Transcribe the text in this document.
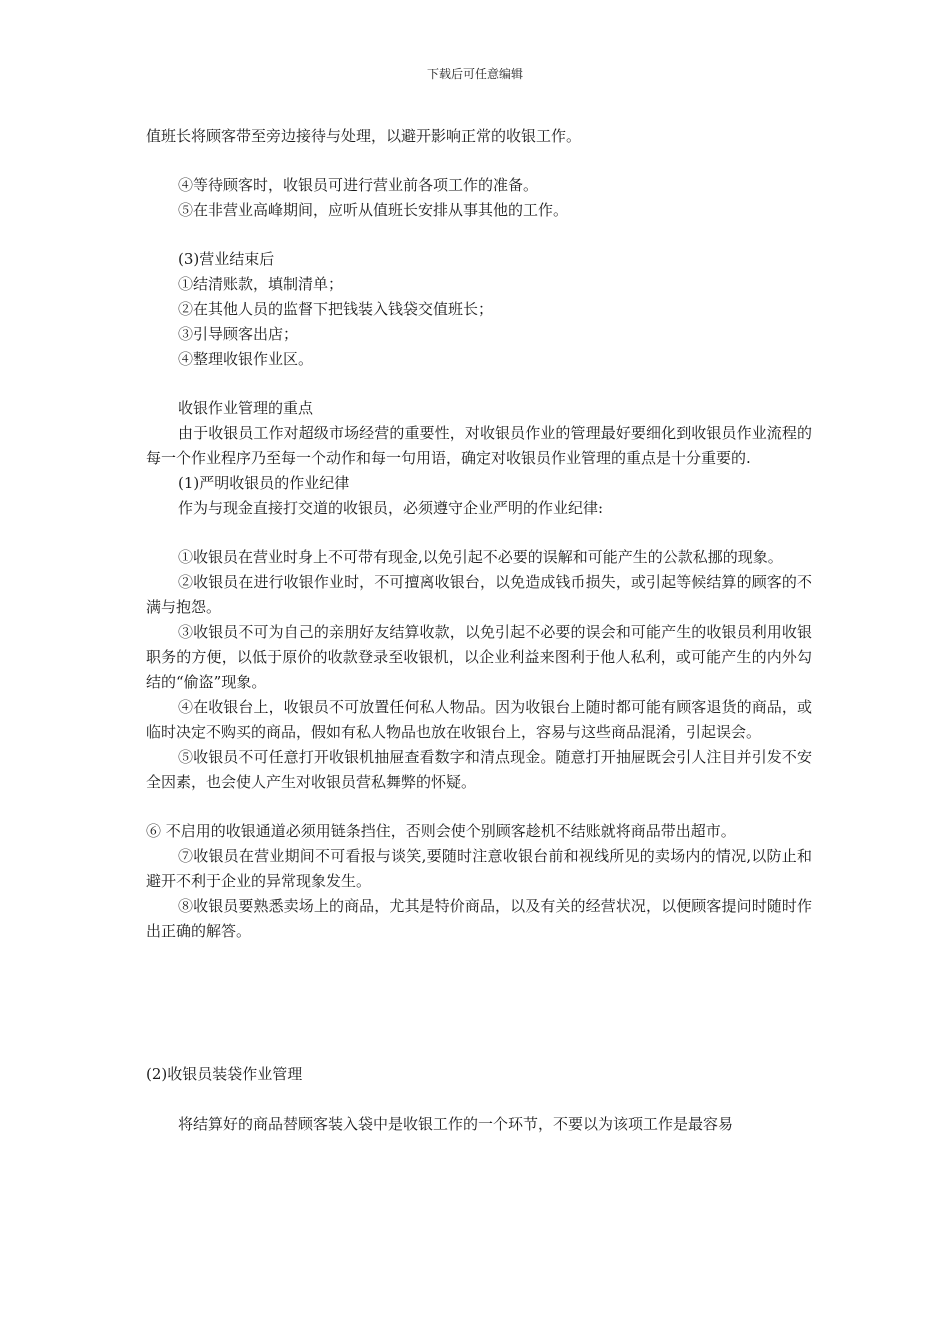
下载后可任意编辑

值班长将顾客带至旁边接待与处理，以避开影响正常的收银工作。

④等待顾客时，收银员可进行营业前各项工作的准备。

⑤在非营业高峰期间，应听从值班长安排从事其他的工作。

(3)营业结束后

①结清账款，填制清单；

②在其他人员的监督下把钱装入钱袋交值班长；

③引导顾客出店；

④整理收银作业区。

收银作业管理的重点

由于收银员工作对超级市场经营的重要性，对收银员作业的管理最好要细化到收银员作业流程的每一个作业程序乃至每一个动作和每一句用语，确定对收银员作业管理的重点是十分重要的.

(1)严明收银员的作业纪律

作为与现金直接打交道的收银员，必须遵守企业严明的作业纪律:

①收银员在营业时身上不可带有现金,以免引起不必要的误解和可能产生的公款私挪的现象。

②收银员在进行收银作业时，不可擅离收银台，以免造成钱币损失，或引起等候结算的顾客的不满与抱怨。

③收银员不可为自己的亲朋好友结算收款，以免引起不必要的误会和可能产生的收银员利用收银职务的方便，以低于原价的收款登录至收银机，以企业利益来图利于他人私利，或可能产生的内外勾结的“偷盗”现象。

④在收银台上，收银员不可放置任何私人物品。因为收银台上随时都可能有顾客退货的商品，或临时决定不购买的商品，假如有私人物品也放在收银台上，容易与这些商品混淆，引起误会。

⑤收银员不可任意打开收银机抽屉查看数字和清点现金。随意打开抽屉既会引人注目并引发不安全因素，也会使人产生对收银员营私舞弊的怀疑。

⑥ 不启用的收银通道必须用链条挡住，否则会使个别顾客趁机不结账就将商品带出超市。

⑦收银员在营业期间不可看报与谈笑,要随时注意收银台前和视线所见的卖场内的情况,以防止和避开不利于企业的异常现象发生。

⑧收银员要熟悉卖场上的商品，尤其是特价商品，以及有关的经营状况，以便顾客提问时随时作出正确的解答。

(2)收银员装袋作业管理

将结算好的商品替顾客装入袋中是收银工作的一个环节，不要以为该项工作是最容易
